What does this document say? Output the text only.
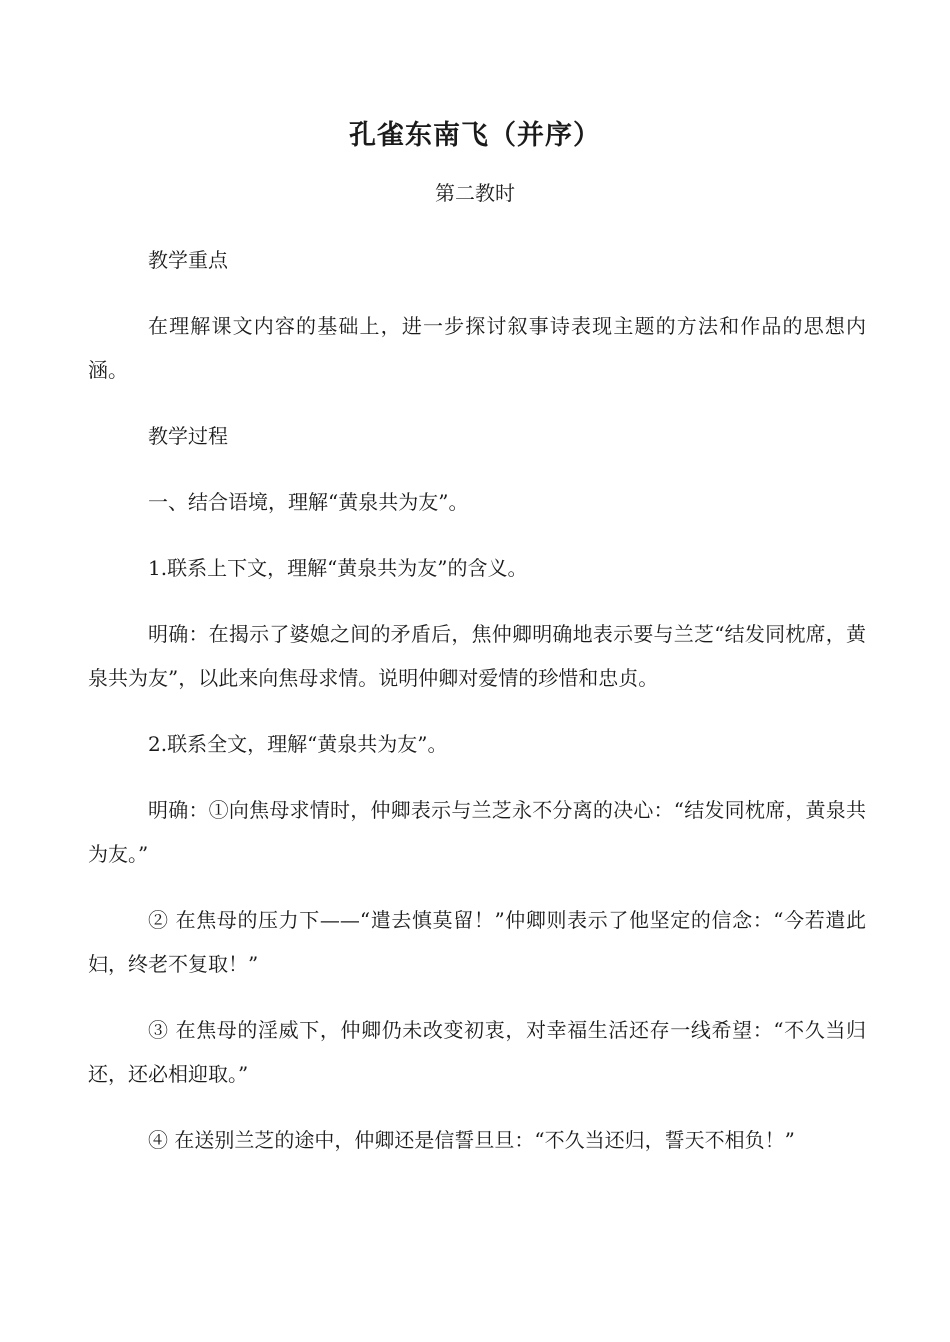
孔雀东南飞（并序）
第二教时

教学重点

在理解课文内容的基础上，进一步探讨叙事诗表现主题的方法和作品的思想内涵。

教学过程

一、结合语境，理解“黄泉共为友”。

1.联系上下文，理解“黄泉共为友”的含义。

明确：在揭示了婆媳之间的矛盾后，焦仲卿明确地表示要与兰芝“结发同枕席，黄泉共为友”，以此来向焦母求情。说明仲卿对爱情的珍惜和忠贞。

2.联系全文，理解“黄泉共为友”。

明确：①向焦母求情时，仲卿表示与兰芝永不分离的决心：“结发同枕席，黄泉共为友。”

② 在焦母的压力下——“遣去慎莫留！”仲卿则表示了他坚定的信念：“今若遣此妇，终老不复取！”

③ 在焦母的淫威下，仲卿仍未改变初衷，对幸福生活还存一线希望：“不久当归还，还必相迎取。”

④ 在送别兰芝的途中，仲卿还是信誓旦旦：“不久当还归，誓天不相负！”
